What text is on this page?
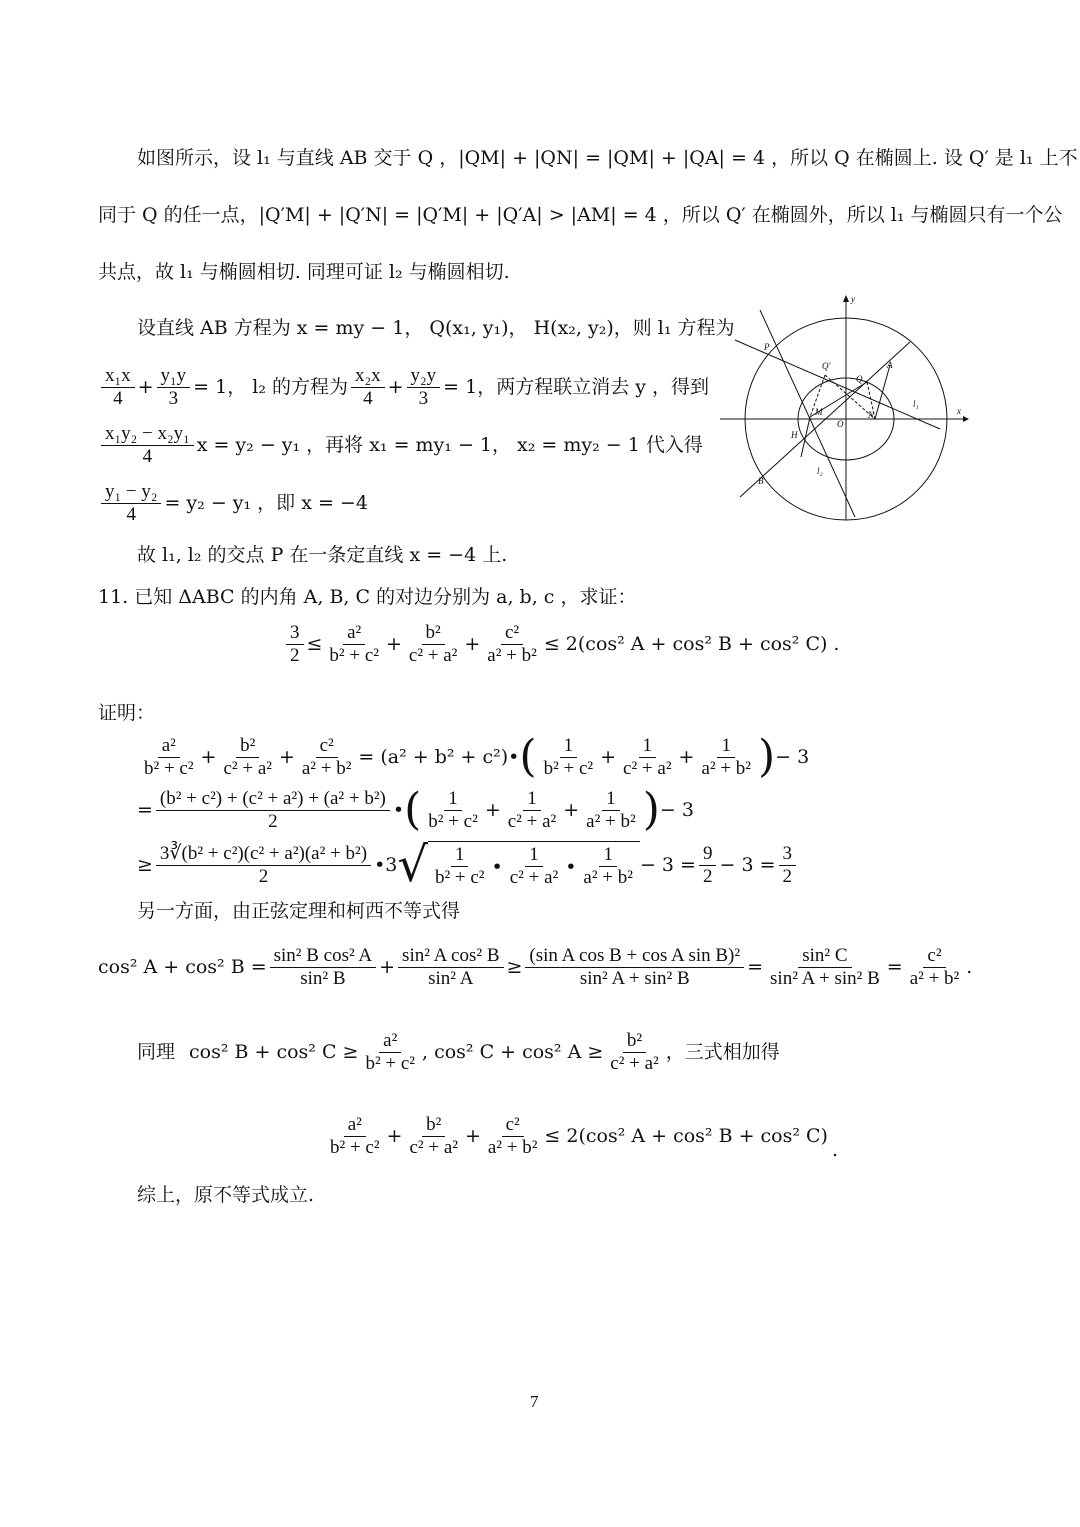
如图所示，设 l₁ 与直线 AB 交于 Q ，|QM| + |QN| = |QM| + |QA| = 4 ，所以 Q 在椭圆上. 设 Q′ 是 l₁ 上不
同于 Q 的任一点，|Q′M| + |Q′N| = |Q′M| + |Q′A| > |AM| = 4 ，所以 Q′ 在椭圆外，所以 l₁ 与椭圆只有一个公
共点，故 l₁ 与椭圆相切. 同理可证 l₂ 与椭圆相切.
设直线 AB 方程为 x = my − 1， Q(x₁, y₁)， H(x₂, y₂)，则 l₁ 方程为
$\frac{\text{x₁x}}{4} + \frac{\text{y₁y}}{3} = 1$， l₂ 的方程为 $\frac{\text{x₂x}}{4} + \frac{\text{y₂y}}{3} = 1$，两方程联立消去 y ，得到
$\frac{\text{x₁y₂ − x₂y₁}}{4}$ x = y₂ − y₁ ，再将 x₁ = my₁ − 1， x₂ = my₂ − 1 代入得
$\frac{\text{y₁ − y₂}}{4} = y_2 - y_1$ ，即 x = −4
故 l₁, l₂ 的交点 P 在一条定直线 x = −4 上.
y
x
P
Q′
Q
A
l₁
M	N
O
H
l₂
B
11. 已知 ΔABC 的内角 A, B, C 的对边分别为 a, b, c ，求证：
$\frac{3}{2} \le \frac{\text{a²}}{\text{b² + c²}} + \frac{\text{b²}}{\text{c² + a²}} + \frac{\text{c²}}{\text{a² + b²}} \le 2(\cos^2$ A + cos² B + cos² C) .
证明：
$\frac{\text{a²}}{\text{b² + c²}} + \frac{\text{b²}}{\text{c² + a²}} + \frac{\text{c²}}{\text{a² + b²}} = (a^2 + b^2$ + c²)• ( $\frac{1}{\text{b² + c²}} + \frac{1}{\text{c² + a²}} + \frac{1}{\text{a² + b²}}$ ) − 3
= $\frac{\text{(b² + c²) + (c² + a²) + (a² + b²)}}{2}$ • ( $\frac{1}{\text{b² + c²}} + \frac{1}{\text{c² + a²}} + \frac{1}{\text{a² + b²}}$ ) − 3
≥ $\frac{\text{3∛(b² + c²)(c² + a²)(a² + b²)}}{2}$ •3 √ $\frac{1}{\text{b² + c²}}$ • $\frac{1}{\text{c² + a²}}$ • $\frac{1}{\text{a² + b²}} - 3 = \frac{9}{2} - 3 = \frac{3}{2}$
另一方面，由正弦定理和柯西不等式得
cos² A + cos² $B = \frac{\text{sin² B cos² A}}{\text{sin² B}} + \frac{\text{sin² A cos² B}}{\text{sin² A}} \ge \frac{\text{(sin A cos B + cos A sin B)²}}{\text{sin² A + sin² B}} = \frac{\text{sin² C}}{\text{sin² A + sin² B}} = \frac{\text{c²}}{\text{a² + b²}}$ .
同理 cos² B + cos² $C \ge \frac{\text{a²}}{\text{b² + c²}}$ , cos² C + cos² $A \ge \frac{\text{b²}}{\text{c² + a²}}$ ，三式相加得
$\frac{\text{a²}}{\text{b² + c²}} + \frac{\text{b²}}{\text{c² + a²}} + \frac{\text{c²}}{\text{a² + b²}} \le 2(\cos^2$ A + cos² B + cos² C)
.
综上，原不等式成立.
7
